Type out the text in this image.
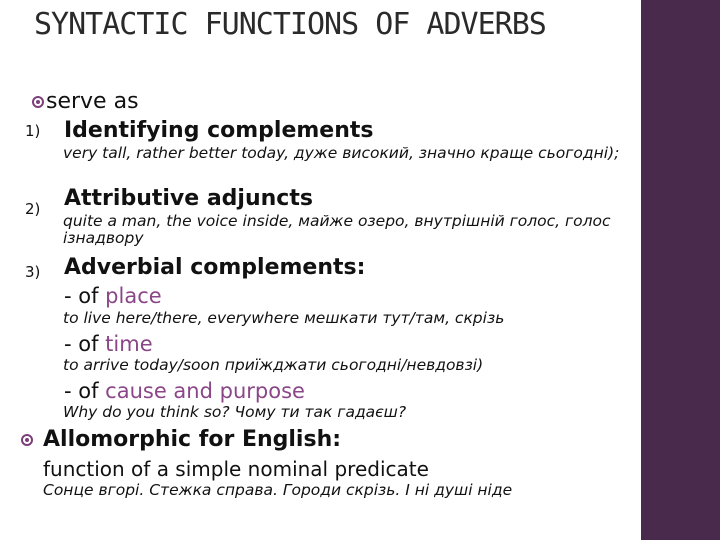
SYNTACTIC FUNCTIONS OF ADVERBS
serve as
1) Identifying complements
very tall, rather better today, дуже високий, значно краще сьогодні);
2) Attributive adjuncts
quite a man, the voice inside, майже озеро, внутрішній голос, голос ізнадвору
3) Adverbial complements:
- of place
to live here/there, everywhere мешкати тут/там, скрізь
- of time
to arrive today/soon приїжджати сьогодні/невдовзі)
- of cause and purpose
Why do you think so? Чому ти так гадаєш?
Allomorphic for English:
function of a simple nominal predicate
Сонце вгорі. Стежка справа. Городи скрізь. І ні душі ніде
